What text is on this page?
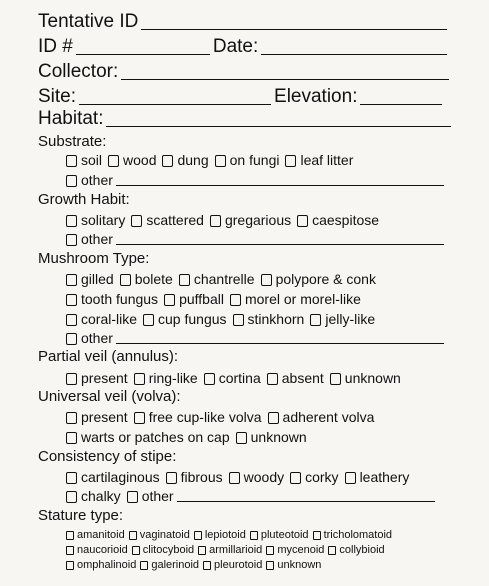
Tentative ID
ID #	Date:
Collector:
Site:	Elevation:
Habitat:
Substrate:
soil wood dung on fungi leaf litter
other
Growth Habit:
solitary scattered gregarious caespitose
other
Mushroom Type:
gilled bolete chantrelle polypore & conk
tooth fungus puffball morel or morel-like
coral-like cup fungus stinkhorn jelly-like
other
Partial veil (annulus):
present ring-like cortina absent unknown
Universal veil (volva):
present free cup-like volva adherent volva
warts or patches on cap unknown
Consistency of stipe:
cartilaginous fibrous woody corky leathery
chalky other
Stature type:
amanitoid vaginatoid lepiotoid pluteotoid tricholomatoid
naucorioid clitocyboid armillarioid mycenoid collybioid
omphalinoid galerinoid pleurotoid unknown
